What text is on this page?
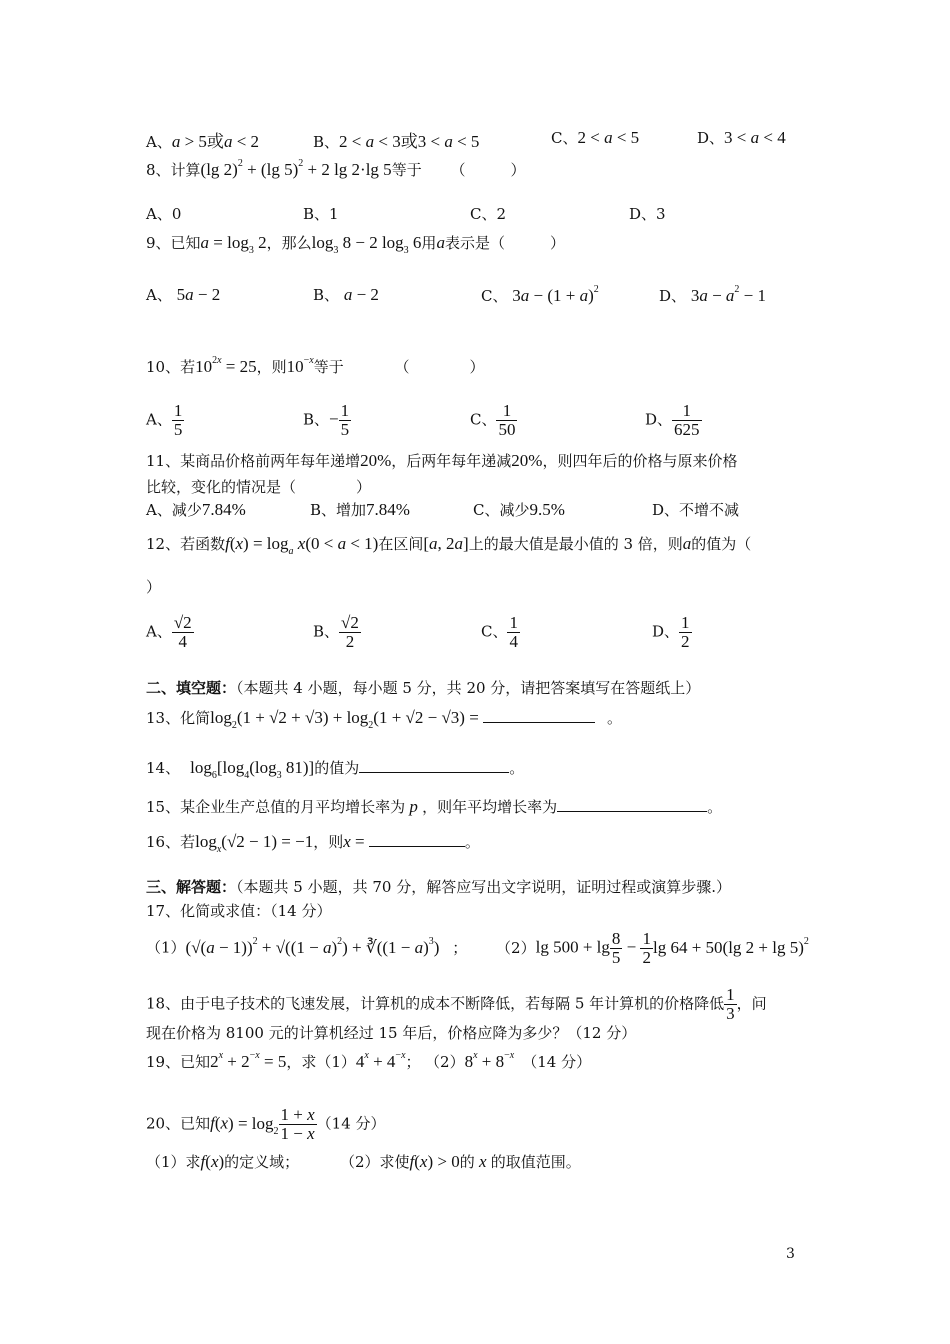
A、a > 5或a < 2	B、2 < a < 3或3 < a < 5	C、2 < a < 5	D、3 < a < 4
8、计算(lg 2)$^2$ + (lg 5)$^2$ + 2 lg 2·lg 5等于 （　　　）
A、0	B、1	C、2	D、3
9、已知$a = \log_3 2$，那么$\log_3 8 - 2$ $\log_3 6$用a表示是（　　　）
A、 5a − 2	B、 a − 2	C、 $3a - (1 + a)^2$	D、 $3a - a^2 - 1$
10、若$10^{2x} = 25$，则$10^{-x}$等于	（　　　　）
A、 $\frac{1}{5}$	B、− $\frac{1}{5}$	C、 $\frac{1}{50}$	D、 $\frac{1}{625}$
11、某商品价格前两年每年递增20%，后两年每年递减20%，则四年后的价格与原来价格
比较，变化的情况是（　　　　）
A、减少7.84%	B、增加7.84%	C、减少9.5%	D、不增不减
12、若函数$f(x) = \log_a x(0 < a < 1)$在区间[a, 2a]上的最大值是最小值的 3 倍，则a的值为（
）
A、 $\frac{√2}{4}$	B、 $\frac{√2}{2}$	C、 $\frac{1}{4}$	D、 $\frac{1}{2}$
二、填空题：（本题共 4 小题，每小题 5 分，共 20 分，请把答案填写在答题纸上）
13、化简$\log_2(1 + √2 + √3) + \log_2(1 + √2 - √3)$ =	。
14、 $\log_6[\log_4(\log_3$ 81)]的值为	。
15、某企业生产总值的月平均增长率为 p ，则年平均增长率为	。
16、若$\log_x(√2 - 1) = -1$，则x =	。
三、解答题：（本题共 5 小题，共 70 分，解答应写出文字说明，证明过程或演算步骤.）
17、化简或求值：（14 分）
$(1)(√(a - 1))^2 + √((1 - a)^2)$ + ∛((1 − a)$^3$) ； （2）lg $500 + \lg \frac{8}{5} - \frac{1}{2}$ lg 64 + 50(lg 2 + lg 5)$^2$
18、由于电子技术的飞速发展，计算机的成本不断降低，若每隔 5 年计算机的价格降低 $\frac{1}{3}$ ，问
现在价格为 8100 元的计算机经过 15 年后，价格应降为多少？（12 分）
19、已知$2^x + 2^{-x} = 5$，求$(1)4^x + 4^{-x}$； $(2)8^x + 8^{-x}$ （14 分）
20、已知$f(x) = \log_2 \frac{1 + x}{1 - x} (14$ 分）
（1）求f(x)的定义域；	（2）求使f(x) > 0的 x 的取值范围。
3
